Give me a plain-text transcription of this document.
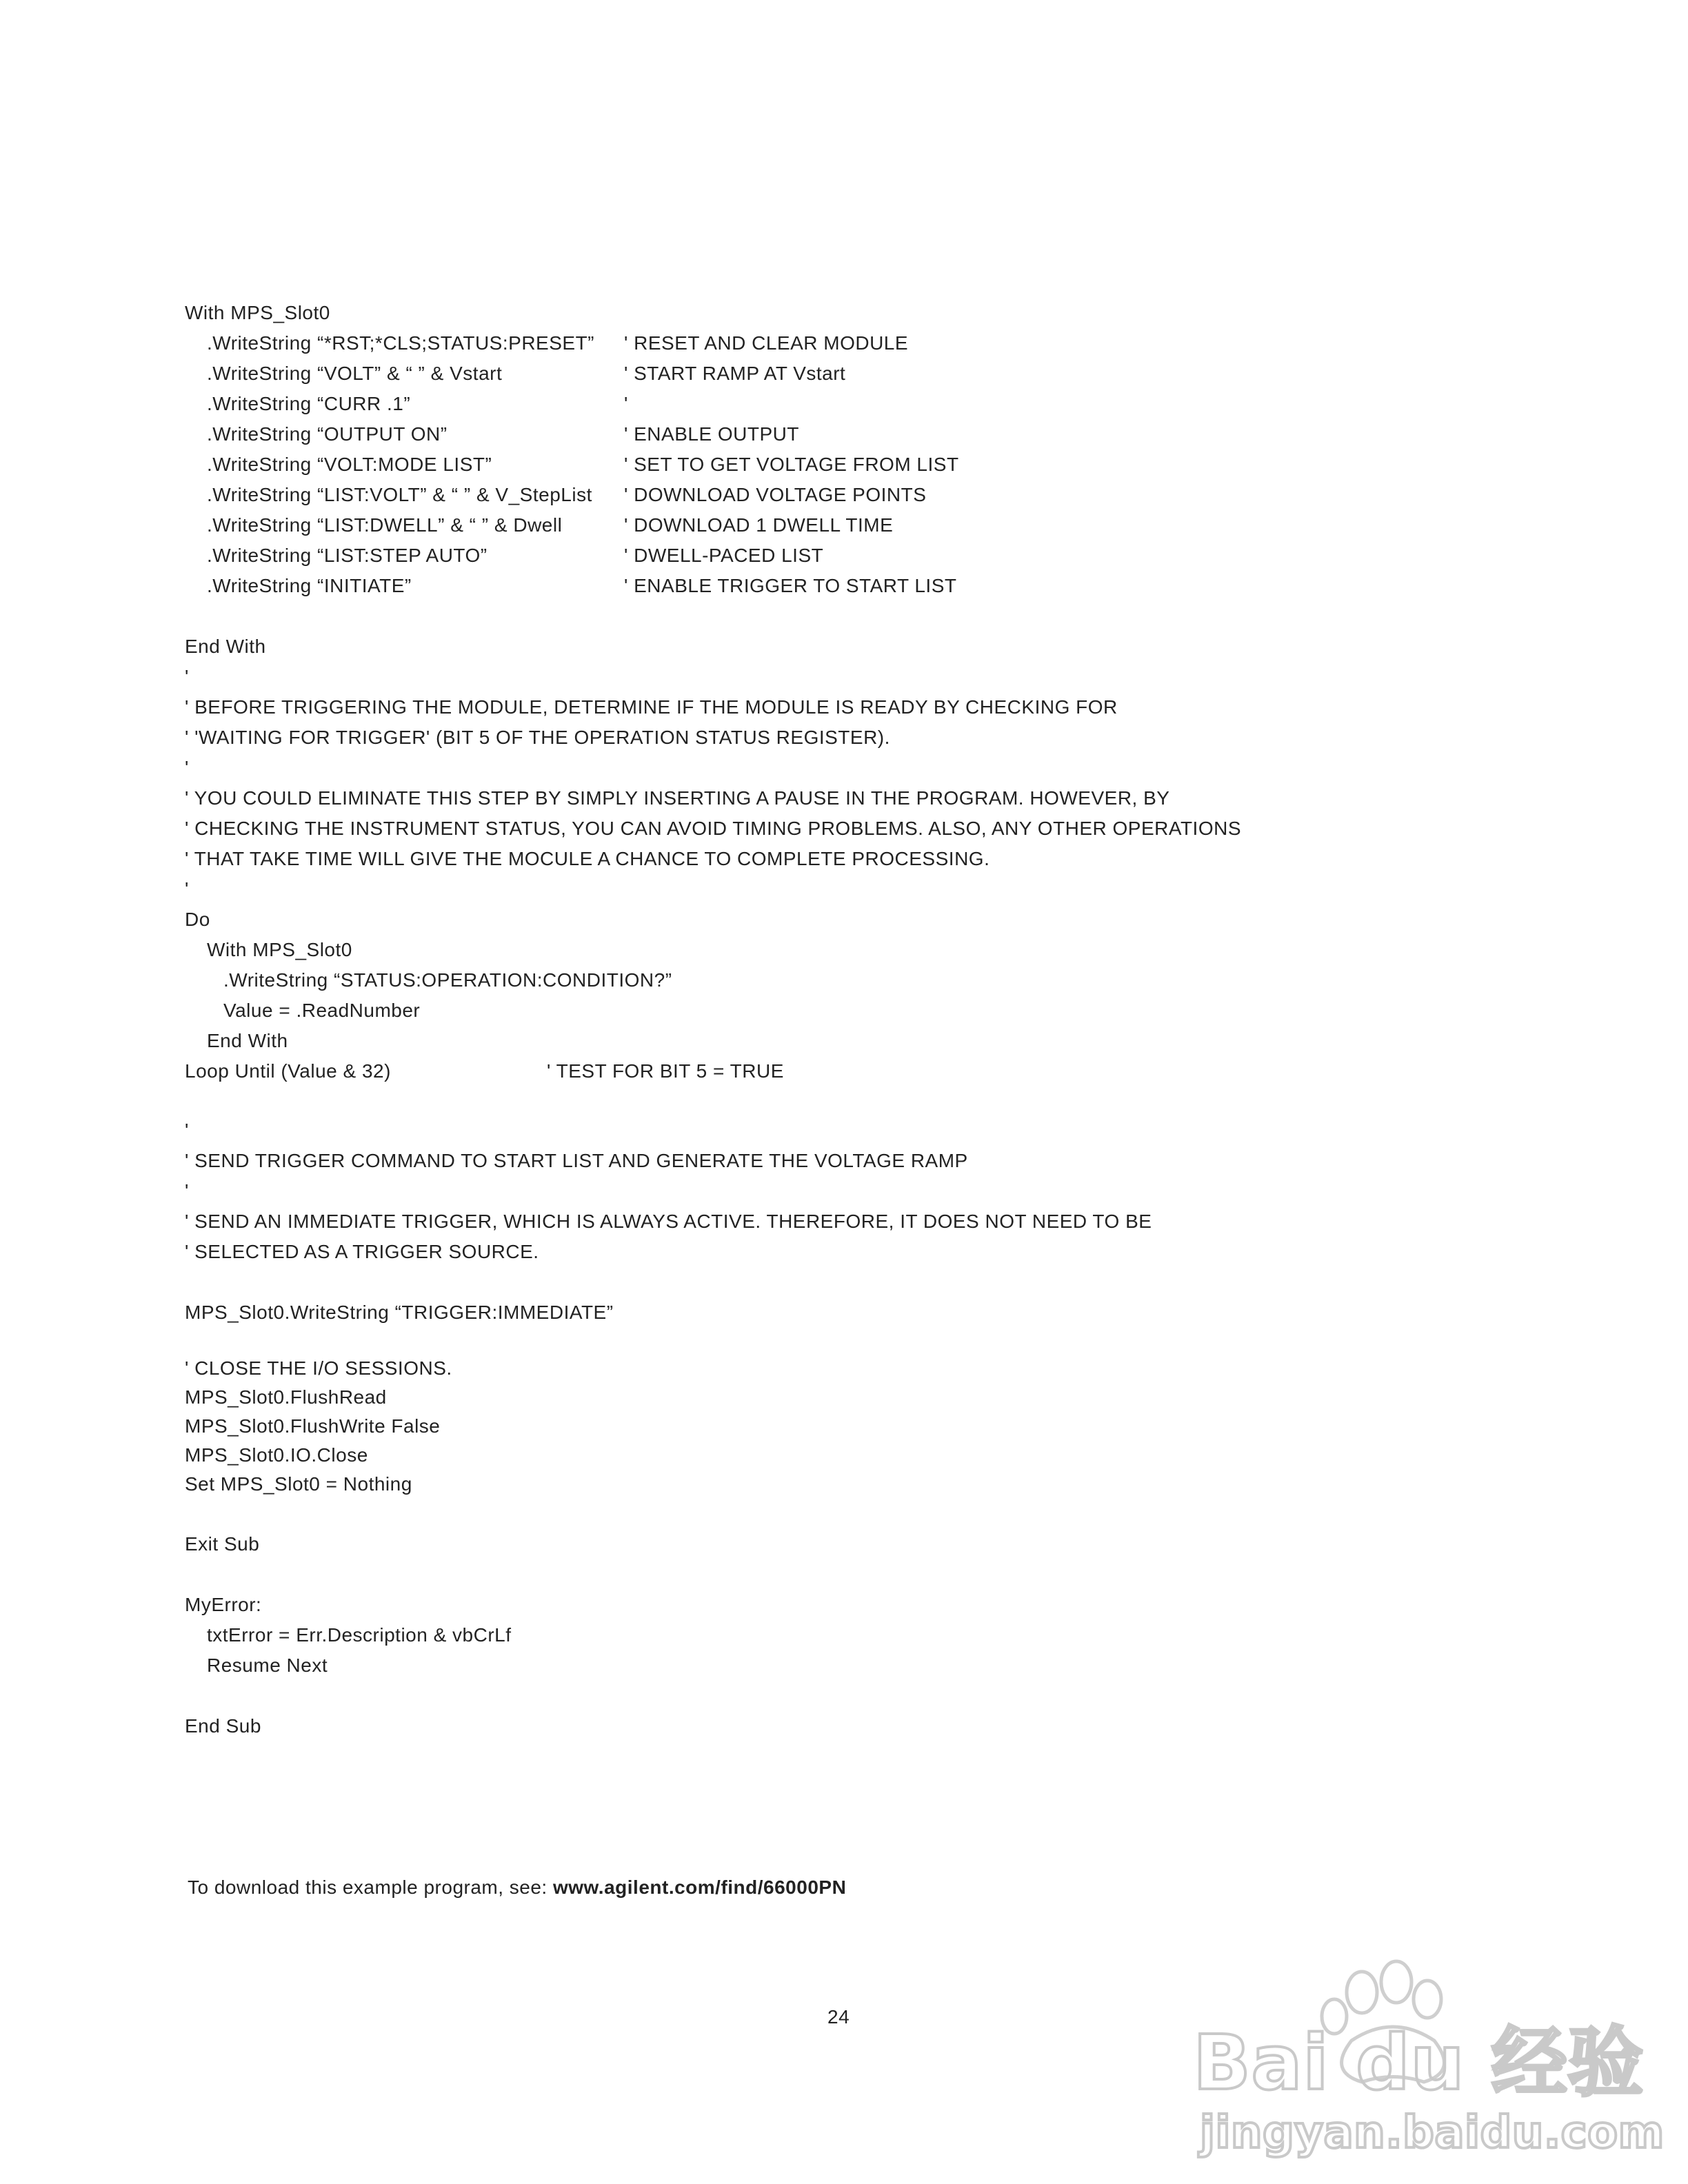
With MPS_Slot0
.WriteString “*RST;*CLS;STATUS:PRESET” ' RESET AND CLEAR MODULE
.WriteString “VOLT” & “ ” & Vstart	' START RAMP AT Vstart
.WriteString “CURR .1”	'
.WriteString “OUTPUT ON”	' ENABLE OUTPUT
.WriteString “VOLT:MODE LIST”	' SET TO GET VOLTAGE FROM LIST
.WriteString “LIST:VOLT” & “ ” & V_StepList ' DOWNLOAD VOLTAGE POINTS
.WriteString “LIST:DWELL” & “ ” & Dwell	' DOWNLOAD 1 DWELL TIME
.WriteString “LIST:STEP AUTO”	' DWELL-PACED LIST
.WriteString “INITIATE”	' ENABLE TRIGGER TO START LIST
End With
'
' BEFORE TRIGGERING THE MODULE, DETERMINE IF THE MODULE IS READY BY CHECKING FOR
' 'WAITING FOR TRIGGER' (BIT 5 OF THE OPERATION STATUS REGISTER).
'
' YOU COULD ELIMINATE THIS STEP BY SIMPLY INSERTING A PAUSE IN THE PROGRAM. HOWEVER, BY
' CHECKING THE INSTRUMENT STATUS, YOU CAN AVOID TIMING PROBLEMS. ALSO, ANY OTHER OPERATIONS
' THAT TAKE TIME WILL GIVE THE MOCULE A CHANCE TO COMPLETE PROCESSING.
'
Do
With MPS_Slot0
.WriteString “STATUS:OPERATION:CONDITION?”
Value = .ReadNumber
End With
Loop Until (Value & 32)	' TEST FOR BIT 5 = TRUE
'
' SEND TRIGGER COMMAND TO START LIST AND GENERATE THE VOLTAGE RAMP
'
' SEND AN IMMEDIATE TRIGGER, WHICH IS ALWAYS ACTIVE. THEREFORE, IT DOES NOT NEED TO BE
' SELECTED AS A TRIGGER SOURCE.
MPS_Slot0.WriteString “TRIGGER:IMMEDIATE”
' CLOSE THE I/O SESSIONS.
MPS_Slot0.FlushRead
MPS_Slot0.FlushWrite False
MPS_Slot0.IO.Close
Set MPS_Slot0 = Nothing
Exit Sub
MyError:
txtError = Err.Description & vbCrLf
Resume Next
End Sub
To download this example program, see: www.agilent.com/find/66000PN
24
Bai du 经验
jingyan.baidu.com
